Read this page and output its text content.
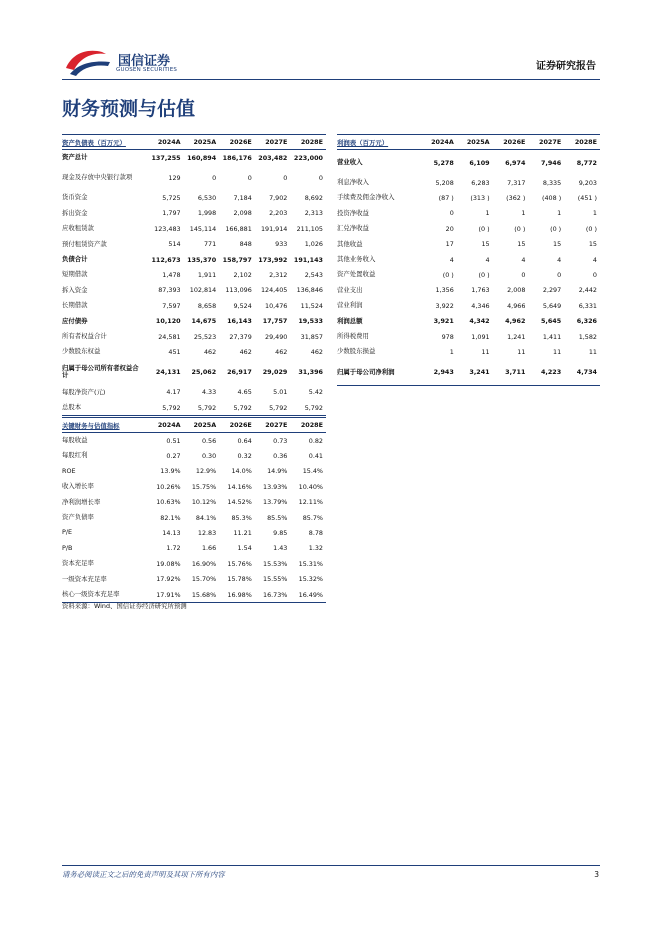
国信证券
GUOSEN SECURITIES	证券研究报告
财务预测与估值
资产负债表（百万元）	2024A	2025A	2026E	2027E	2028E
资产总计	137,255	160,894	186,176	203,482	223,000
现金及存放中央银行款项	129	0	0	0	0
货币资金	5,725	6,530	7,184	7,902	8,692
拆出资金	1,797	1,998	2,098	2,203	2,313
应收租赁款	123,483	145,114	166,881	191,914	211,105
预付租赁资产款	514	771	848	933	1,026
负债合计	112,673	135,370	158,797	173,992	191,143
短期借款	1,478	1,911	2,102	2,312	2,543
拆入资金	87,393	102,814	113,096	124,405	136,846
长期借款	7,597	8,658	9,524	10,476	11,524
应付债券	10,120	14,675	16,143	17,757	19,533
所有者权益合计	24,581	25,523	27,379	29,490	31,857
少数股东权益	451	462	462	462	462
归属于母公司所有者权益合计	24,131	25,062	26,917	29,029	31,396
每股净资产(元)	4.17	4.33	4.65	5.01	5.42
总股本	5,792	5,792	5,792	5,792	5,792
利润表（百万元）	2024A	2025A	2026E	2027E	2028E
营业收入	5,278	6,109	6,974	7,946	8,772
利息净收入	5,208	6,283	7,317	8,335	9,203
手续费及佣金净收入	(87 )	(313 )	(362 )	(408 )	(451 )
投资净收益	0	1	1	1	1
汇兑净收益	20	(0 )	(0 )	(0 )	(0 )
其他收益	17	15	15	15	15
其他业务收入	4	4	4	4	4
资产处置收益	(0 )	(0 )	0	0	0
营业支出	1,356	1,763	2,008	2,297	2,442
营业利润	3,922	4,346	4,966	5,649	6,331
利润总额	3,921	4,342	4,962	5,645	6,326
所得税费用	978	1,091	1,241	1,411	1,582
少数股东损益	1	11	11	11	11
归属于母公司净利润	2,943	3,241	3,711	4,223	4,734
关键财务与估值指标	2024A	2025A	2026E	2027E	2028E
每股收益	0.51	0.56	0.64	0.73	0.82
每股红利	0.27	0.30	0.32	0.36	0.41
ROE	13.9%	12.9%	14.0%	14.9%	15.4%
收入增长率	10.26%	15.75%	14.16%	13.93%	10.40%
净利润增长率	10.63%	10.12%	14.52%	13.79%	12.11%
资产负债率	82.1%	84.1%	85.3%	85.5%	85.7%
P/E	14.13	12.83	11.21	9.85	8.78
P/B	1.72	1.66	1.54	1.43	1.32
资本充足率	19.08%	16.90%	15.76%	15.53%	15.31%
一级资本充足率	17.92%	15.70%	15.78%	15.55%	15.32%
核心一级资本充足率	17.91%	15.68%	16.98%	16.73%	16.49%
资料来源：Wind、国信证券经济研究所预测
请务必阅读正文之后的免责声明及其项下所有内容	3
